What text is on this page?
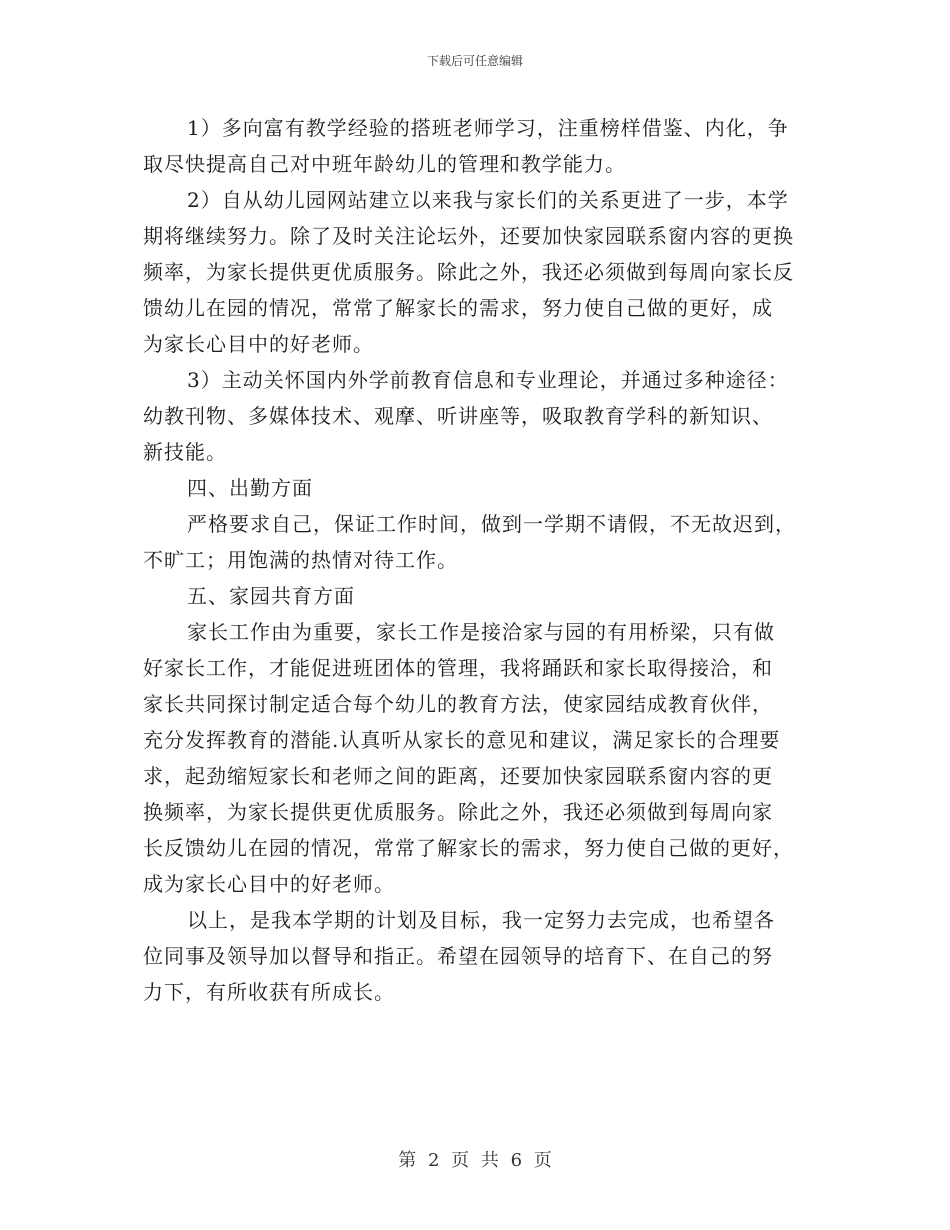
下载后可任意编辑
1）多向富有教学经验的搭班老师学习，注重榜样借鉴、内化，争
取尽快提高自己对中班年龄幼儿的管理和教学能力。
2）自从幼儿园网站建立以来我与家长们的关系更进了一步，本学
期将继续努力。除了及时关注论坛外，还要加快家园联系窗内容的更换
频率，为家长提供更优质服务。除此之外，我还必须做到每周向家长反
馈幼儿在园的情况，常常了解家长的需求，努力使自己做的更好，成
为家长心目中的好老师。
3）主动关怀国内外学前教育信息和专业理论，并通过多种途径：
幼教刊物、多媒体技术、观摩、听讲座等，吸取教育学科的新知识、
新技能。
四、出勤方面
严格要求自己，保证工作时间，做到一学期不请假，不无故迟到，
不旷工；用饱满的热情对待工作。
五、家园共育方面
家长工作由为重要，家长工作是接洽家与园的有用桥梁，只有做
好家长工作，才能促进班团体的管理，我将踊跃和家长取得接洽，和
家长共同探讨制定适合每个幼儿的教育方法，使家园结成教育伙伴，
充分发挥教育的潜能.认真听从家长的意见和建议，满足家长的合理要
求，起劲缩短家长和老师之间的距离，还要加快家园联系窗内容的更
换频率，为家长提供更优质服务。除此之外，我还必须做到每周向家
长反馈幼儿在园的情况，常常了解家长的需求，努力使自己做的更好，
成为家长心目中的好老师。
以上，是我本学期的计划及目标，我一定努力去完成，也希望各
位同事及领导加以督导和指正。希望在园领导的培育下、在自己的努
力下，有所收获有所成长。
第 2 页 共 6 页
